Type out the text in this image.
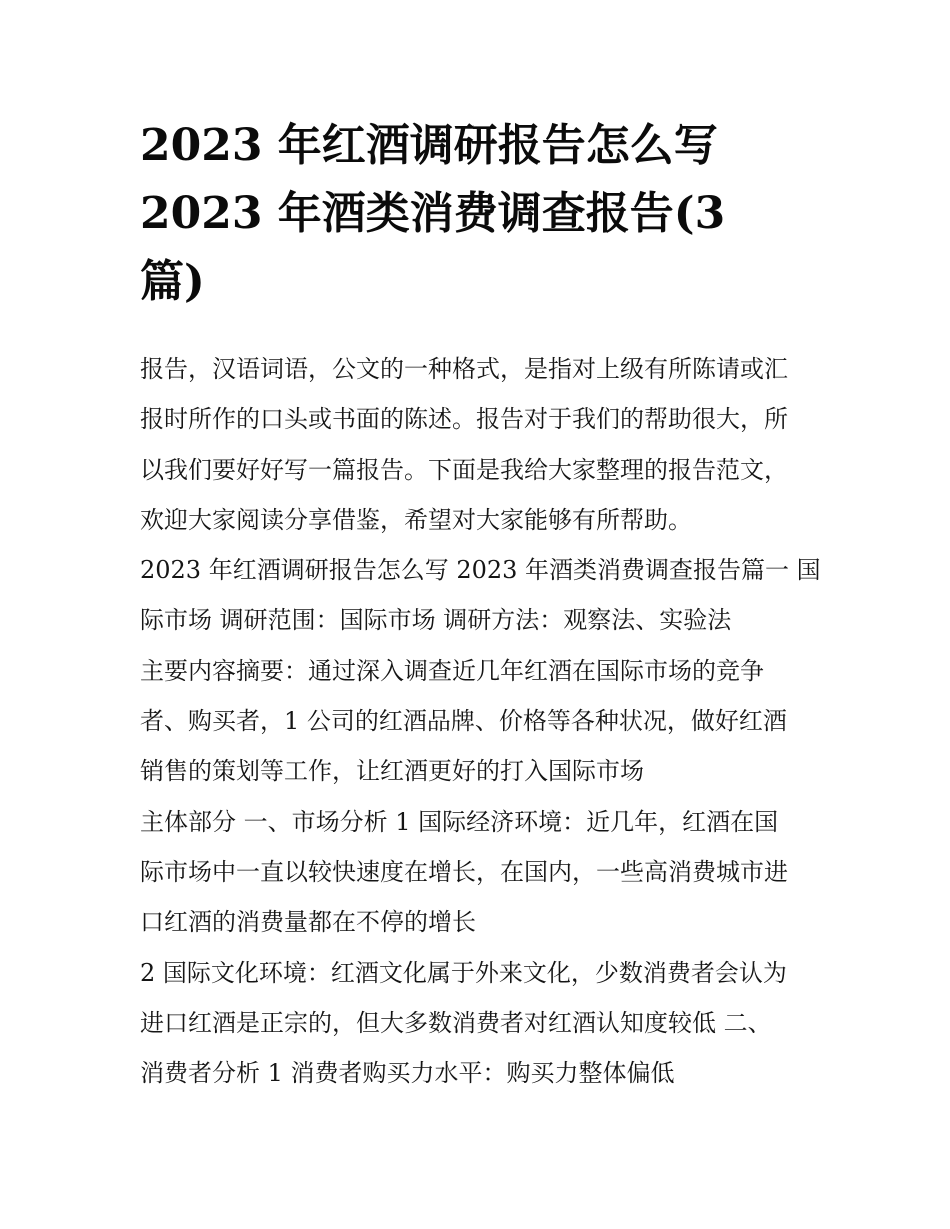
2023 年红酒调研报告怎么写
2023 年酒类消费调查报告(3
篇)
报告，汉语词语，公文的一种格式，是指对上级有所陈请或汇
报时所作的口头或书面的陈述。报告对于我们的帮助很大，所
以我们要好好写一篇报告。下面是我给大家整理的报告范文，
欢迎大家阅读分享借鉴，希望对大家能够有所帮助。
2023 年红酒调研报告怎么写 2023 年酒类消费调查报告篇一 国
际市场 调研范围：国际市场 调研方法：观察法、实验法
主要内容摘要：通过深入调查近几年红酒在国际市场的竞争
者、购买者，1 公司的红酒品牌、价格等各种状况，做好红酒
销售的策划等工作，让红酒更好的打入国际市场
主体部分 一、市场分析 1 国际经济环境：近几年，红酒在国
际市场中一直以较快速度在增长，在国内，一些高消费城市进
口红酒的消费量都在不停的增长
2 国际文化环境：红酒文化属于外来文化，少数消费者会认为
进口红酒是正宗的，但大多数消费者对红酒认知度较低 二、
消费者分析 1 消费者购买力水平：购买力整体偏低
